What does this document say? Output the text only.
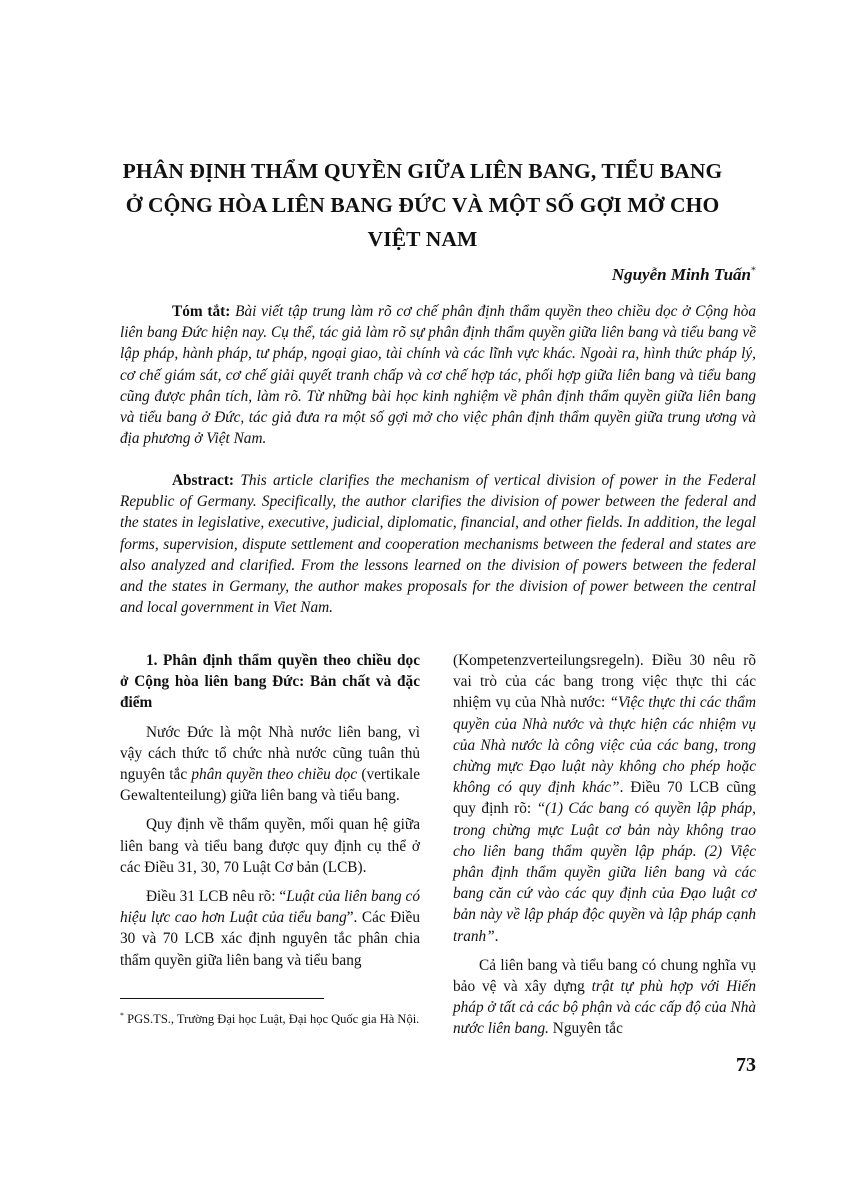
PHÂN ĐỊNH THẨM QUYỀN GIỮA LIÊN BANG, TIỂU BANG
Ở CỘNG HÒA LIÊN BANG ĐỨC VÀ MỘT SỐ GỢI MỞ CHO
VIỆT NAM
Nguyễn Minh Tuấn*

Tóm tắt: Bài viết tập trung làm rõ cơ chế phân định thẩm quyền theo chiều dọc ở Cộng hòa liên bang Đức hiện nay. Cụ thể, tác giả làm rõ sự phân định thẩm quyền giữa liên bang và tiểu bang về lập pháp, hành pháp, tư pháp, ngoại giao, tài chính và các lĩnh vực khác. Ngoài ra, hình thức pháp lý, cơ chế giám sát, cơ chế giải quyết tranh chấp và cơ chế hợp tác, phối hợp giữa liên bang và tiểu bang cũng được phân tích, làm rõ. Từ những bài học kinh nghiệm về phân định thẩm quyền giữa liên bang và tiểu bang ở Đức, tác giả đưa ra một số gợi mở cho việc phân định thẩm quyền giữa trung ương và địa phương ở Việt Nam.

Abstract: This article clarifies the mechanism of vertical division of power in the Federal Republic of Germany. Specifically, the author clarifies the division of power between the federal and the states in legislative, executive, judicial, diplomatic, financial, and other fields. In addition, the legal forms, supervision, dispute settlement and cooperation mechanisms between the federal and states are also analyzed and clarified. From the lessons learned on the division of powers between the federal and the states in Germany, the author makes proposals for the division of power between the central and local government in Viet Nam.

1. Phân định thẩm quyền theo chiều dọc ở Cộng hòa liên bang Đức: Bản chất và đặc điểm

Nước Đức là một Nhà nước liên bang, vì vậy cách thức tổ chức nhà nước cũng tuân thủ nguyên tắc phân quyền theo chiều dọc (vertikale Gewaltenteilung) giữa liên bang và tiểu bang.

Quy định về thẩm quyền, mối quan hệ giữa liên bang và tiểu bang được quy định cụ thể ở các Điều 31, 30, 70 Luật Cơ bản (LCB).

Điều 31 LCB nêu rõ: “Luật của liên bang có hiệu lực cao hơn Luật của tiểu bang”. Các Điều 30 và 70 LCB xác định nguyên tắc phân chia thẩm quyền giữa liên bang và tiểu bang

(Kompetenzverteilungsregeln). Điều 30 nêu rõ vai trò của các bang trong việc thực thi các nhiệm vụ của Nhà nước: “Việc thực thi các thẩm quyền của Nhà nước và thực hiện các nhiệm vụ của Nhà nước là công việc của các bang, trong chừng mực Đạo luật này không cho phép hoặc không có quy định khác”. Điều 70 LCB cũng quy định rõ: “(1) Các bang có quyền lập pháp, trong chừng mực Luật cơ bản này không trao cho liên bang thẩm quyền lập pháp. (2) Việc phân định thẩm quyền giữa liên bang và các bang căn cứ vào các quy định của Đạo luật cơ bản này về lập pháp độc quyền và lập pháp cạnh tranh”.

Cả liên bang và tiểu bang có chung nghĩa vụ bảo vệ và xây dựng trật tự phù hợp với Hiến pháp ở tất cả các bộ phận và các cấp độ của Nhà nước liên bang. Nguyên tắc

* PGS.TS., Trường Đại học Luật, Đại học Quốc gia Hà Nội.
73
